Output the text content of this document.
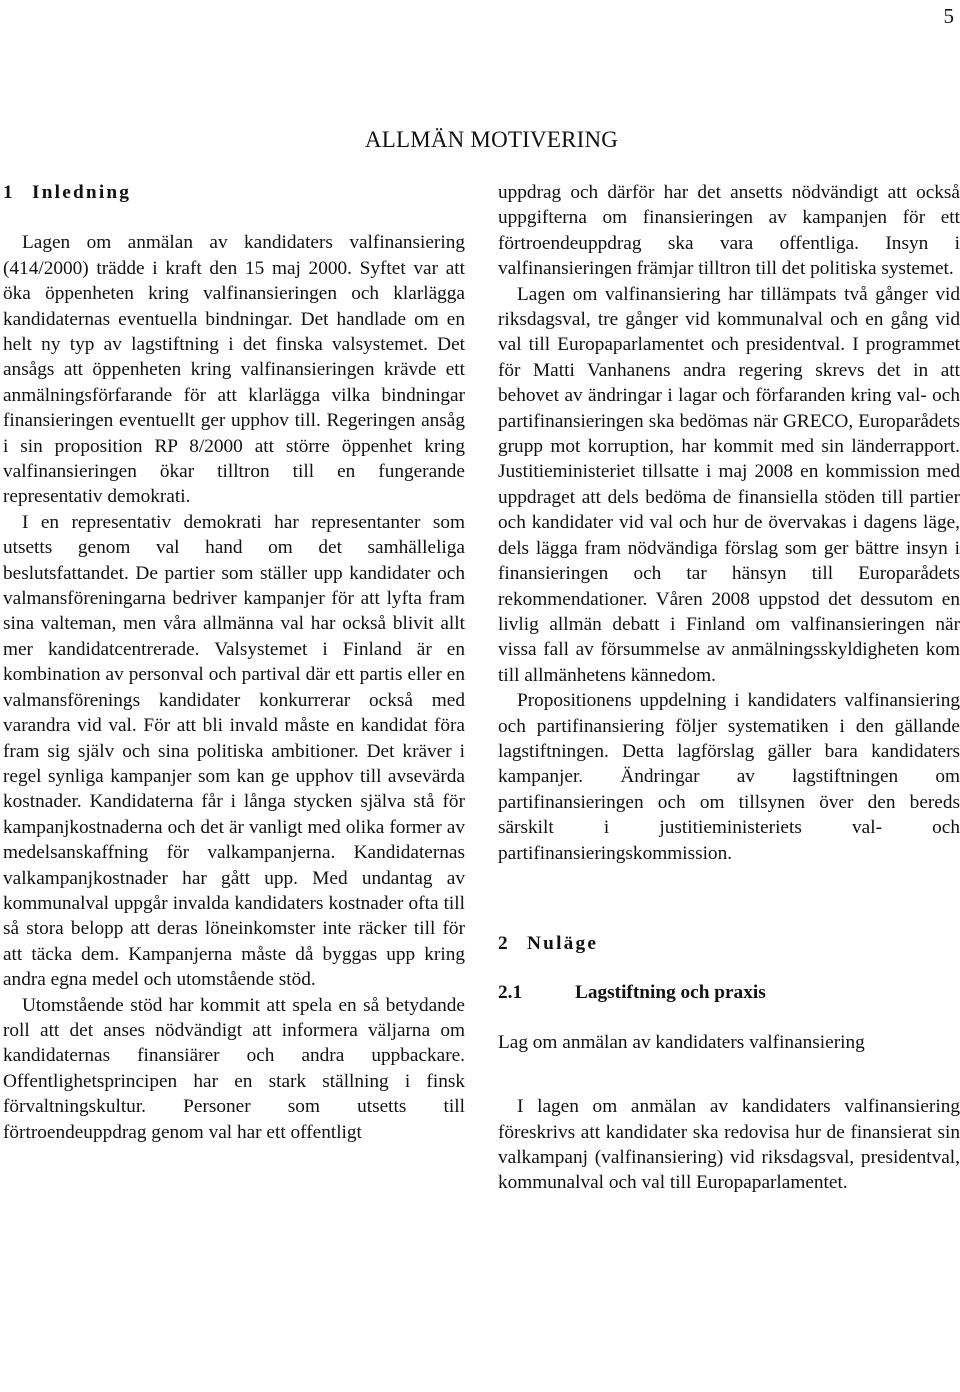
5
ALLMÄN MOTIVERING
1 Inledning

Lagen om anmälan av kandidaters valfinansiering (414/2000) trädde i kraft den 15 maj 2000. Syftet var att öka öppenheten kring valfinansieringen och klarlägga kandidaternas eventuella bindningar. Det handlade om en helt ny typ av lagstiftning i det finska valsystemet. Det ansågs att öppenheten kring valfinansieringen krävde ett anmälningsförfarande för att klarlägga vilka bindningar finansieringen eventuellt ger upphov till. Regeringen ansåg i sin proposition RP 8/2000 att större öppenhet kring valfinansieringen ökar tilltron till en fungerande representativ demokrati.

I en representativ demokrati har representanter som utsetts genom val hand om det samhälleliga beslutsfattandet. De partier som ställer upp kandidater och valmansföreningarna bedriver kampanjer för att lyfta fram sina valteman, men våra allmänna val har också blivit allt mer kandidatcentrerade. Valsystemet i Finland är en kombination av personval och partival där ett partis eller en valmansförenings kandidater konkurrerar också med varandra vid val. För att bli invald måste en kandidat föra fram sig själv och sina politiska ambitioner. Det kräver i regel synliga kampanjer som kan ge upphov till avsevärda kostnader. Kandidaterna får i långa stycken själva stå för kampanjkostnaderna och det är vanligt med olika former av medelsanskaffning för valkampanjerna. Kandidaternas valkampanjkostnader har gått upp. Med undantag av kommunalval uppgår invalda kandidaters kostnader ofta till så stora belopp att deras löneinkomster inte räcker till för att täcka dem. Kampanjerna måste då byggas upp kring andra egna medel och utomstående stöd.

Utomstående stöd har kommit att spela en så betydande roll att det anses nödvändigt att informera väljarna om kandidaternas finansiärer och andra uppbackare. Offentlighetsprincipen har en stark ställning i finsk förvaltningskultur. Personer som utsetts till förtroendeuppdrag genom val har ett offentligt

uppdrag och därför har det ansetts nödvändigt att också uppgifterna om finansieringen av kampanjen för ett förtroendeuppdrag ska vara offentliga. Insyn i valfinansieringen främjar tilltron till det politiska systemet.

Lagen om valfinansiering har tillämpats två gånger vid riksdagsval, tre gånger vid kommunalval och en gång vid val till Europaparlamentet och presidentval. I programmet för Matti Vanhanens andra regering skrevs det in att behovet av ändringar i lagar och förfaranden kring val- och partifinansieringen ska bedömas när GRECO, Europarådets grupp mot korruption, har kommit med sin länderrapport. Justitieministeriet tillsatte i maj 2008 en kommission med uppdraget att dels bedöma de finansiella stöden till partier och kandidater vid val och hur de övervakas i dagens läge, dels lägga fram nödvändiga förslag som ger bättre insyn i finansieringen och tar hänsyn till Europarådets rekommendationer. Våren 2008 uppstod det dessutom en livlig allmän debatt i Finland om valfinansieringen när vissa fall av försummelse av anmälningsskyldigheten kom till allmänhetens kännedom.

Propositionens uppdelning i kandidaters valfinansiering och partifinansiering följer systematiken i den gällande lagstiftningen. Detta lagförslag gäller bara kandidaters kampanjer. Ändringar av lagstiftningen om partifinansieringen och om tillsynen över den bereds särskilt i justitieministeriets val- och partifinansieringskommission.

2 Nuläge
2.1	Lagstiftning och praxis

Lag om anmälan av kandidaters valfinansiering

I lagen om anmälan av kandidaters valfinansiering föreskrivs att kandidater ska redovisa hur de finansierat sin valkampanj (valfinansiering) vid riksdagsval, presidentval, kommunalval och val till Europaparlamentet.
